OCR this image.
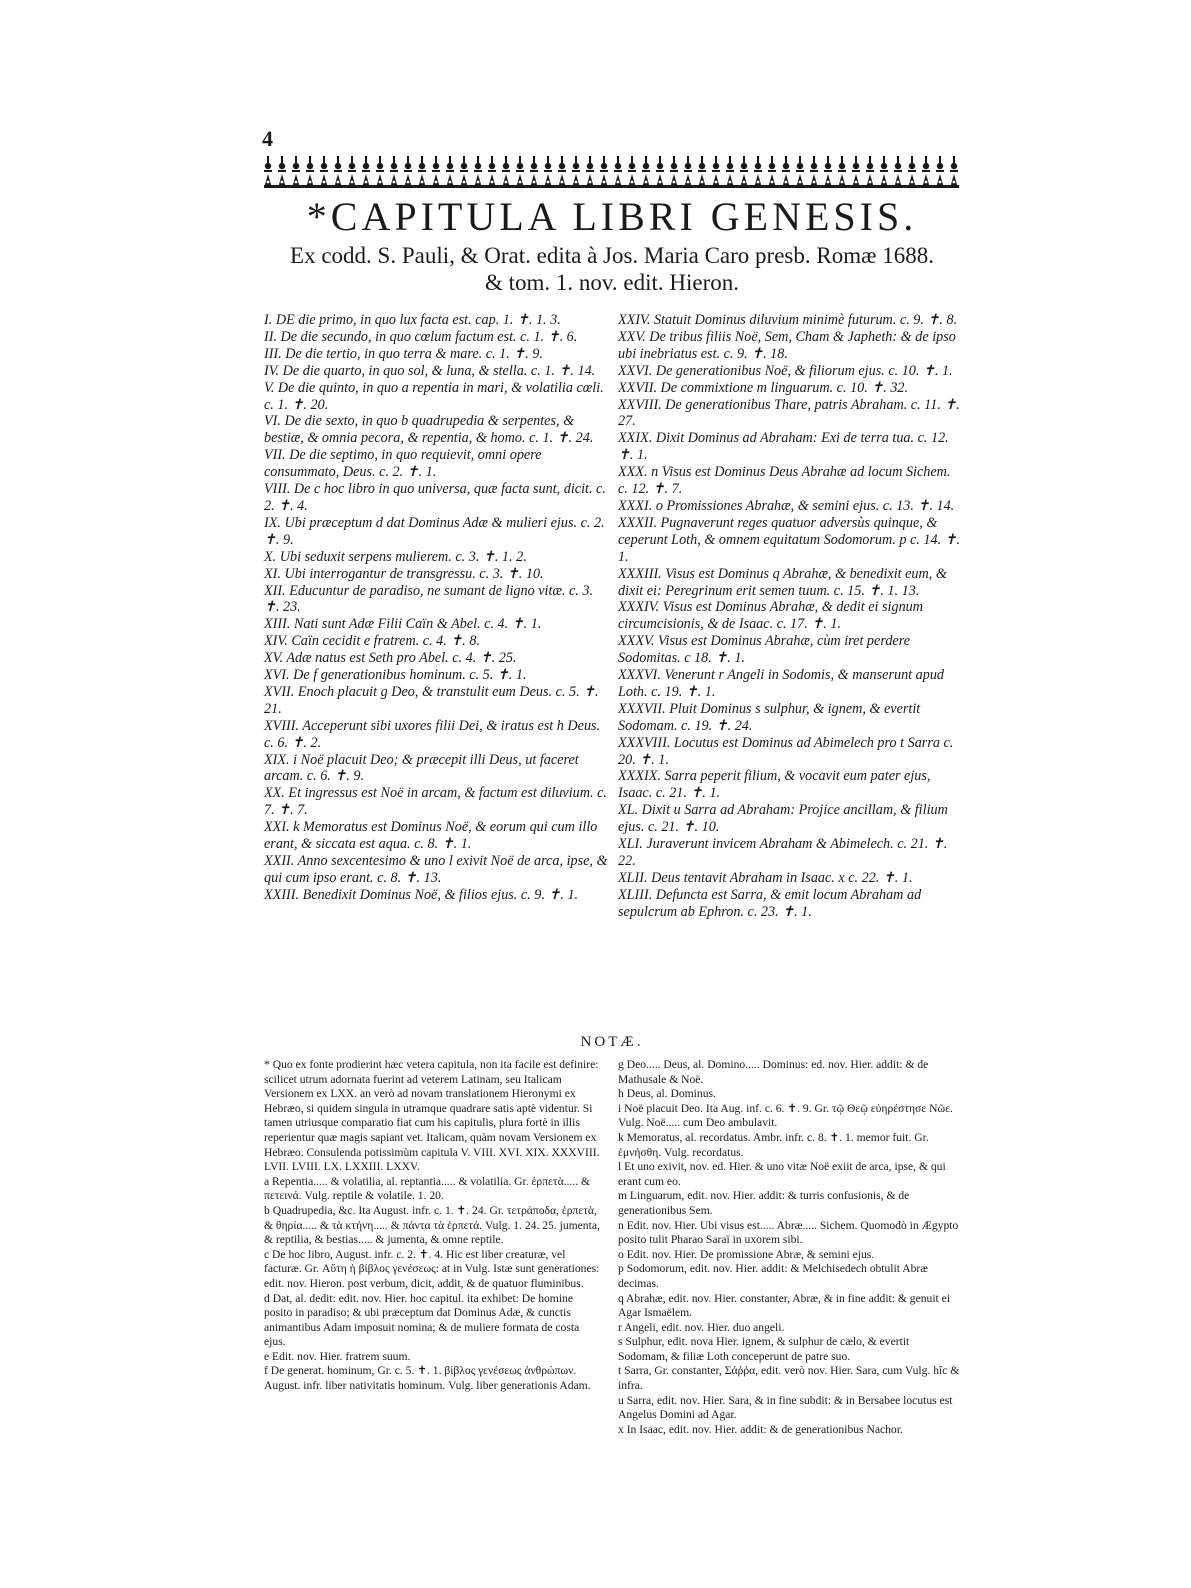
4
*CAPITULA LIBRI GENESIS.
Ex codd. S. Pauli, & Orat. edita à Jos. Maria Caro presb. Romæ 1688.
& tom. 1. nov. edit. Hieron.

I. DE die primo, in quo lux facta est. cap. 1. ✝. 1. 3.

II. De die secundo, in quo cœlum factum est. c. 1. ✝. 6.

III. De die tertio, in quo terra & mare. c. 1. ✝. 9.

IV. De die quarto, in quo sol, & luna, & stella. c. 1. ✝. 14.

V. De die quinto, in quo a repentia in mari, & volatilia cœli. c. 1. ✝. 20.

VI. De die sexto, in quo b quadrupedia & serpentes, & bestiæ, & omnia pecora, & repentia, & homo. c. 1. ✝. 24.

VII. De die septimo, in quo requievit, omni opere consummato, Deus. c. 2. ✝. 1.

VIII. De c hoc libro in quo universa, quæ facta sunt, dicit. c. 2. ✝. 4.

IX. Ubi præceptum d dat Dominus Adæ & mulieri ejus. c. 2. ✝. 9.

X. Ubi seduxit serpens mulierem. c. 3. ✝. 1. 2.

XI. Ubi interrogantur de transgressu. c. 3. ✝. 10.

XII. Educuntur de paradiso, ne sumant de ligno vitæ. c. 3. ✝. 23.

XIII. Nati sunt Adæ Filii Caïn & Abel. c. 4. ✝. 1.

XIV. Caïn cecidit e fratrem. c. 4. ✝. 8.

XV. Adæ natus est Seth pro Abel. c. 4. ✝. 25.

XVI. De f generationibus hominum. c. 5. ✝. 1.

XVII. Enoch placuit g Deo, & transtulit eum Deus. c. 5. ✝. 21.

XVIII. Acceperunt sibi uxores filii Dei, & iratus est h Deus. c. 6. ✝. 2.

XIX. i Noë placuit Deo; & præcepit illi Deus, ut faceret arcam. c. 6. ✝. 9.

XX. Et ingressus est Noë in arcam, & factum est diluvium. c. 7. ✝. 7.

XXI. k Memoratus est Dominus Noë, & eorum qui cum illo erant, & siccata est aqua. c. 8. ✝. 1.

XXII. Anno sexcentesimo & uno l exivit Noë de arca, ipse, & qui cum ipso erant. c. 8. ✝. 13.

XXIII. Benedixit Dominus Noë, & filios ejus. c. 9. ✝. 1.

XXIV. Statuit Dominus diluvium minimè futurum. c. 9. ✝. 8.

XXV. De tribus filiis Noë, Sem, Cham & Japheth: & de ipso ubi inebriatus est. c. 9. ✝. 18.

XXVI. De generationibus Noë, & filiorum ejus. c. 10. ✝. 1.

XXVII. De commixtione m linguarum. c. 10. ✝. 32.

XXVIII. De generationibus Thare, patris Abraham. c. 11. ✝. 27.

XXIX. Dixit Dominus ad Abraham: Exi de terra tua. c. 12. ✝. 1.

XXX. n Visus est Dominus Deus Abrahæ ad locum Sichem. c. 12. ✝. 7.

XXXI. o Promissiones Abrahæ, & semini ejus. c. 13. ✝. 14.

XXXII. Pugnaverunt reges quatuor adversùs quinque, & ceperunt Loth, & omnem equitatum Sodomorum. p c. 14. ✝. 1.

XXXIII. Visus est Dominus q Abrahæ, & benedixit eum, & dixit ei: Peregrinum erit semen tuum. c. 15. ✝. 1. 13.

XXXIV. Visus est Dominus Abrahæ, & dedit ei signum circumcisionis, & de Isaac. c. 17. ✝. 1.

XXXV. Visus est Dominus Abrahæ, cùm iret perdere Sodomitas. c 18. ✝. 1.

XXXVI. Venerunt r Angeli in Sodomis, & manserunt apud Loth. c. 19. ✝. 1.

XXXVII. Pluit Dominus s sulphur, & ignem, & evertit Sodomam. c. 19. ✝. 24.

XXXVIII. Locutus est Dominus ad Abimelech pro t Sarra c. 20. ✝. 1.

XXXIX. Sarra peperit filium, & vocavit eum pater ejus, Isaac. c. 21. ✝. 1.

XL. Dixit u Sarra ad Abraham: Projice ancillam, & filium ejus. c. 21. ✝. 10.

XLI. Juraverunt invicem Abraham & Abimelech. c. 21. ✝. 22.

XLII. Deus tentavit Abraham in Isaac. x c. 22. ✝. 1.

XLIII. Defuncta est Sarra, & emit locum Abraham ad sepulcrum ab Ephron. c. 23. ✝. 1.

NOTÆ.

* Quo ex fonte prodierint hæc vetera capitula, non ita facile est definire: scilicet utrum adornata fuerint ad veterem Latinam, seu Italicam Versionem ex LXX. an verò ad novam translationem Hieronymi ex Hebræo, si quidem singula in utramque quadrare satis aptè videntur. Si tamen utriusque comparatio fiat cum his capitulis, plura fortè in illis reperientur quæ magis sapiant vet. Italicam, quàm novam Versionem ex Hebræo. Consulenda potissimùm capitula V. VIII. XVI. XIX. XXXVIII. LVII. LVIII. LX. LXXIII. LXXV.

a Repentia..... & volatilia, al. reptantia..... & volatilia. Gr. ἑρπετὰ..... & πετεινά. Vulg. reptile & volatile. 1. 20.

b Quadrupedia, &c. Ita August. infr. c. 1. ✝. 24. Gr. τετράποδα, ἑρπετὰ, & θηρία..... & τὰ κτήνη..... & πάντα τὰ ἑρπετά. Vulg. 1. 24. 25. jumenta, & reptilia, & bestias..... & jumenta, & omne reptile.

c De hoc libro, August. infr. c. 2. ✝. 4. Hic est liber creaturæ, vel facturæ. Gr. Αὕτη ἡ βίβλος γενέσεως: at in Vulg. Istæ sunt generationes: edit. nov. Hieron. post verbum, dicit, addit, & de quatuor fluminibus.

d Dat, al. dedit: edit. nov. Hier. hoc capitul. ita exhibet: De homine posito in paradiso; & ubi præceptum dat Dominus Adæ, & cunctis animantibus Adam imposuit nomina; & de muliere formata de costa ejus.

e Edit. nov. Hier. fratrem suum.

f De generat. hominum, Gr. c. 5. ✝. 1. βίβλος γενέσεως ἀνθρώπων. August. infr. liber nativitatis hominum. Vulg. liber generationis Adam.

g Deo..... Deus, al. Domino..... Dominus: ed. nov. Hier. addit: & de Mathusale & Noë.

h Deus, al. Dominus.

i Noë placuit Deo. Ita Aug. inf. c. 6. ✝. 9. Gr. τῷ Θεῷ εὐηρέστησε Νῶε. Vulg. Noë..... cum Deo ambulavit.

k Memoratus, al. recordatus. Ambr. infr. c. 8. ✝. 1. memor fuit. Gr. ἐμνήσθη. Vulg. recordatus.

l Et uno exivit, nov. ed. Hier. & uno vitæ Noë exiit de arca, ipse, & qui erant cum eo.

m Linguarum, edit. nov. Hier. addit: & turris confusionis, & de generationibus Sem.

n Edit. nov. Hier. Ubi visus est..... Abræ..... Sichem. Quomodò in Ægypto posito tulit Pharao Saraï in uxorem sibi.

o Edit. nov. Hier. De promissione Abræ, & semini ejus.

p Sodomorum, edit. nov. Hier. addit: & Melchisedech obtulit Abræ decimas.

q Abrahæ, edit. nov. Hier. constanter, Abræ, & in fine addit: & genuit ei Agar Ismaëlem.

r Angeli, edit. nov. Hier. duo angeli.

s Sulphur, edit. nova Hier. ignem, & sulphur de cælo, & evertit Sodomam, & filiæ Loth conceperunt de patre suo.

t Sarra, Gr. constanter, Σάῤῥα, edit. verò nov. Hier. Sara, cum Vulg. hîc & infra.

u Sarra, edit. nov. Hier. Sara, & in fine subdit: & in Bersabee locutus est Angelus Domini ad Agar.

x In Isaac, edit. nov. Hier. addit: & de generationibus Nachor.
